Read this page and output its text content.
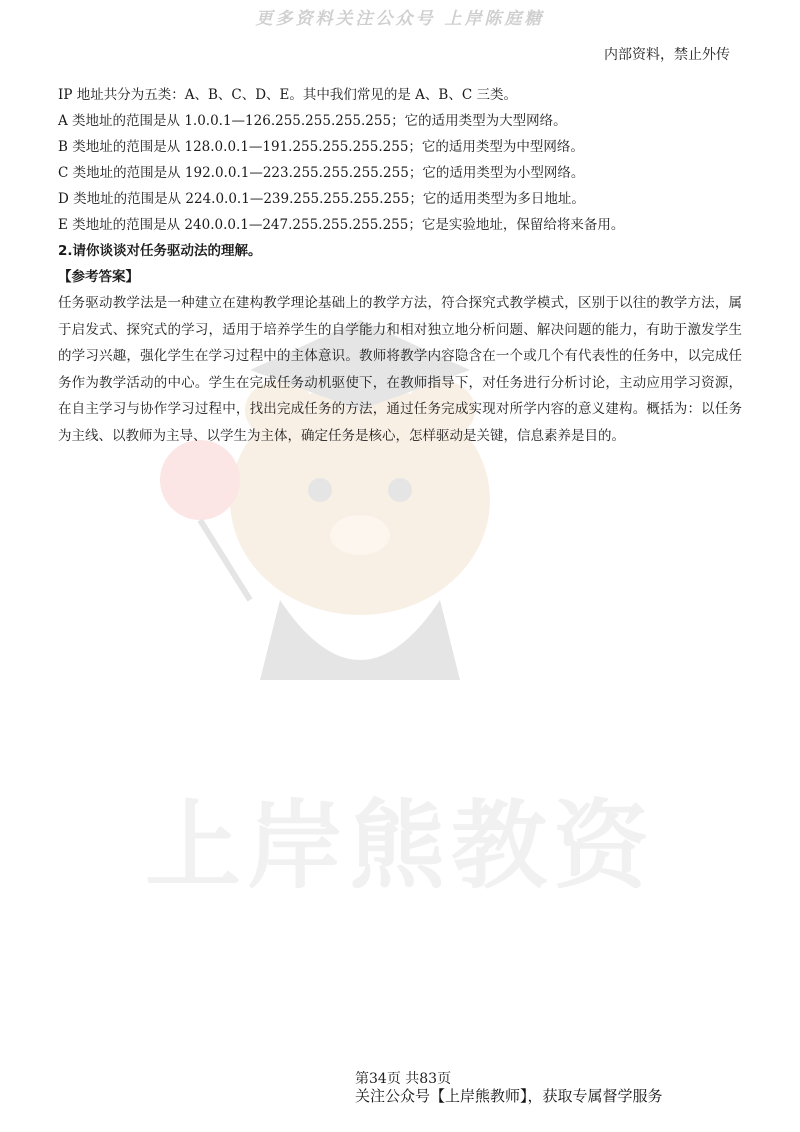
更多资料关注公众号 上岸陈庭糖
内部资料，禁止外传
上岸熊教资

IP 地址共分为五类：A、B、C、D、E。其中我们常见的是 A、B、C 三类。

A 类地址的范围是从 1.0.0.1—126.255.255.255.255；它的适用类型为大型网络。

B 类地址的范围是从 128.0.0.1—191.255.255.255.255；它的适用类型为中型网络。

C 类地址的范围是从 192.0.0.1—223.255.255.255.255；它的适用类型为小型网络。

D 类地址的范围是从 224.0.0.1—239.255.255.255.255；它的适用类型为多日地址。

E 类地址的范围是从 240.0.0.1—247.255.255.255.255；它是实验地址，保留给将来备用。

2.请你谈谈对任务驱动法的理解。

【参考答案】

任务驱动教学法是一种建立在建构教学理论基础上的教学方法，符合探究式教学模式，区别于以往的教学方法，属于启发式、探究式的学习，适用于培养学生的自学能力和相对独立地分析问题、解决问题的能力，有助于激发学生的学习兴趣，强化学生在学习过程中的主体意识。教师将教学内容隐含在一个或几个有代表性的任务中，以完成任务作为教学活动的中心。学生在完成任务动机驱使下，在教师指导下，对任务进行分析讨论，主动应用学习资源，在自主学习与协作学习过程中，找出完成任务的方法，通过任务完成实现对所学内容的意义建构。概括为：以任务为主线、以教师为主导、以学生为主体，确定任务是核心，怎样驱动是关键，信息素养是目的。

第34页 共83页
关注公众号【上岸熊教师】，获取专属督学服务
